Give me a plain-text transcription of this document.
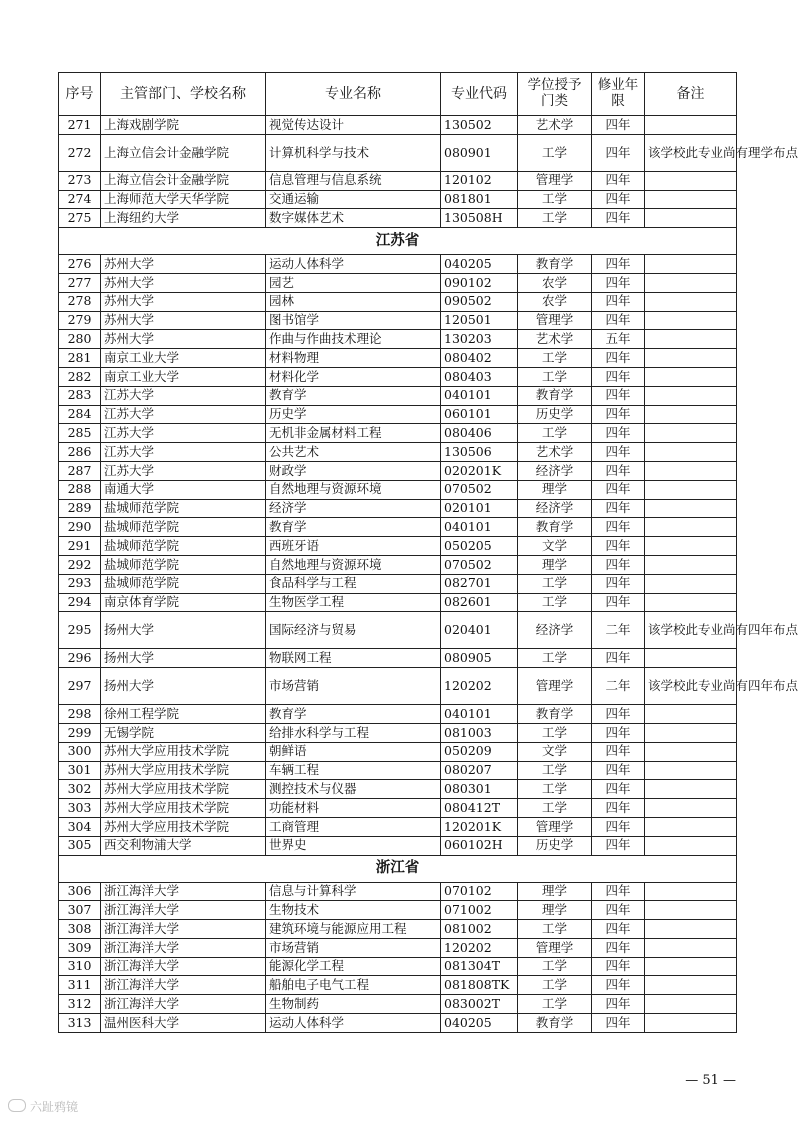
序号	主管部门、学校名称	专业名称	专业代码	学位授予门类	修业年限	备注
271	上海戏剧学院	视觉传达设计	130502	艺术学	四年	
272	上海立信会计金融学院	计算机科学与技术	080901	工学	四年	该学校此专业尚有理学布点
273	上海立信会计金融学院	信息管理与信息系统	120102	管理学	四年	
274	上海师范大学天华学院	交通运输	081801	工学	四年	
275	上海纽约大学	数字媒体艺术	130508H	工学	四年	
江苏省						
276	苏州大学	运动人体科学	040205	教育学	四年	
277	苏州大学	园艺	090102	农学	四年	
278	苏州大学	园林	090502	农学	四年	
279	苏州大学	图书馆学	120501	管理学	四年	
280	苏州大学	作曲与作曲技术理论	130203	艺术学	五年	
281	南京工业大学	材料物理	080402	工学	四年	
282	南京工业大学	材料化学	080403	工学	四年	
283	江苏大学	教育学	040101	教育学	四年	
284	江苏大学	历史学	060101	历史学	四年	
285	江苏大学	无机非金属材料工程	080406	工学	四年	
286	江苏大学	公共艺术	130506	艺术学	四年	
287	江苏大学	财政学	020201K	经济学	四年	
288	南通大学	自然地理与资源环境	070502	理学	四年	
289	盐城师范学院	经济学	020101	经济学	四年	
290	盐城师范学院	教育学	040101	教育学	四年	
291	盐城师范学院	西班牙语	050205	文学	四年	
292	盐城师范学院	自然地理与资源环境	070502	理学	四年	
293	盐城师范学院	食品科学与工程	082701	工学	四年	
294	南京体育学院	生物医学工程	082601	工学	四年	
295	扬州大学	国际经济与贸易	020401	经济学	二年	该学校此专业尚有四年布点
296	扬州大学	物联网工程	080905	工学	四年	
297	扬州大学	市场营销	120202	管理学	二年	该学校此专业尚有四年布点
298	徐州工程学院	教育学	040101	教育学	四年	
299	无锡学院	给排水科学与工程	081003	工学	四年	
300	苏州大学应用技术学院	朝鲜语	050209	文学	四年	
301	苏州大学应用技术学院	车辆工程	080207	工学	四年	
302	苏州大学应用技术学院	测控技术与仪器	080301	工学	四年	
303	苏州大学应用技术学院	功能材料	080412T	工学	四年	
304	苏州大学应用技术学院	工商管理	120201K	管理学	四年	
305	西交利物浦大学	世界史	060102H	历史学	四年	
浙江省						
306	浙江海洋大学	信息与计算科学	070102	理学	四年	
307	浙江海洋大学	生物技术	071002	理学	四年	
308	浙江海洋大学	建筑环境与能源应用工程	081002	工学	四年	
309	浙江海洋大学	市场营销	120202	管理学	四年	
310	浙江海洋大学	能源化学工程	081304T	工学	四年	
311	浙江海洋大学	船舶电子电气工程	081808TK	工学	四年	
312	浙江海洋大学	生物制药	083002T	工学	四年	
313	温州医科大学	运动人体科学	040205	教育学	四年	
— 51 —
六趾鸦镜
